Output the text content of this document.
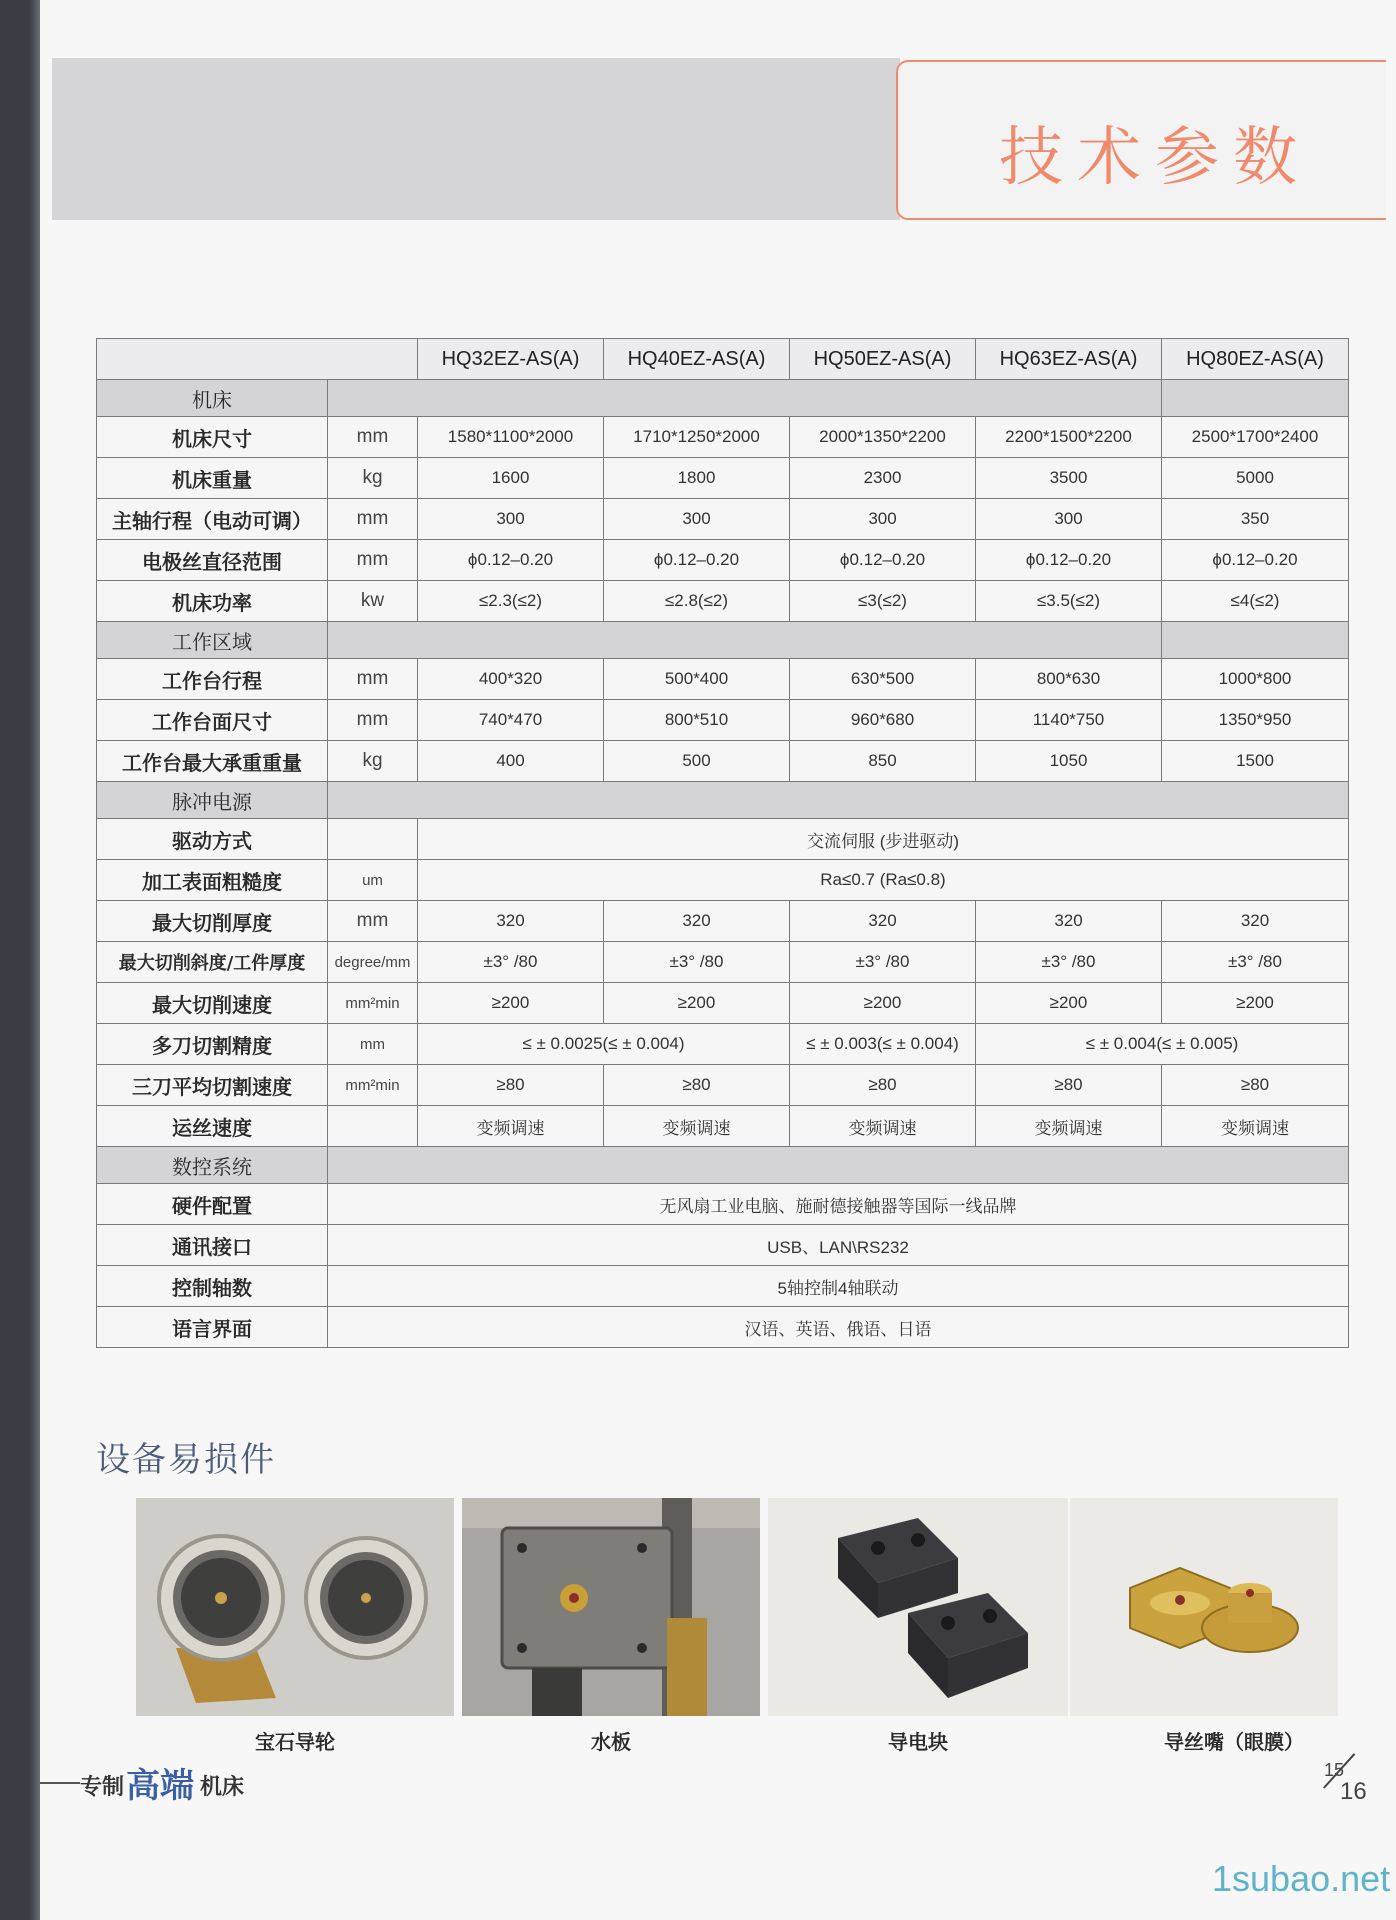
技术参数
		HQ32EZ-AS(A)	HQ40EZ-AS(A)	HQ50EZ-AS(A)	HQ63EZ-AS(A)	HQ80EZ-AS(A)
机床						
机床尺寸	mm	1580*1100*2000	1710*1250*2000	2000*1350*2200	2200*1500*2200	2500*1700*2400
机床重量	kg	1600	1800	2300	3500	5000
主轴行程（电动可调）	mm	300	300	300	300	350
电极丝直径范围	mm	ϕ0.12–0.20	ϕ0.12–0.20	ϕ0.12–0.20	ϕ0.12–0.20	ϕ0.12–0.20
机床功率	kw	≤2.3(≤2)	≤2.8(≤2)	≤3(≤2)	≤3.5(≤2)	≤4(≤2)
工作区域						
工作台行程	mm	400*320	500*400	630*500	800*630	1000*800
工作台面尺寸	mm	740*470	800*510	960*680	1140*750	1350*950
工作台最大承重重量	kg	400	500	850	1050	1500
脉冲电源						
驱动方式		交流伺服 (步进驱动)				
加工表面粗糙度	um	Ra≤0.7 (Ra≤0.8)				
最大切削厚度	mm	320	320	320	320	320
最大切削斜度/工件厚度	degree/mm	±3° /80	±3° /80	±3° /80	±3° /80	±3° /80
最大切削速度	mm²min	≥200	≥200	≥200	≥200	≥200
多刀切割精度	mm	≤ ± 0.0025(≤ ± 0.004)		≤ ± 0.003(≤ ± 0.004)	≤ ± 0.004(≤ ± 0.005)	
三刀平均切割速度	mm²min	≥80	≥80	≥80	≥80	≥80
运丝速度		变频调速	变频调速	变频调速	变频调速	变频调速
数控系统						
硬件配置	无风扇工业电脑、施耐德接触器等国际一线品牌					
通讯接口	USB、LAN\RS232					
控制轴数	5轴控制4轴联动					
语言界面	汉语、英语、俄语、日语					
设备易损件
宝石导轮	水板	导电块	导丝嘴（眼膜）
专制 高端 机床
15
16
1subao.net
